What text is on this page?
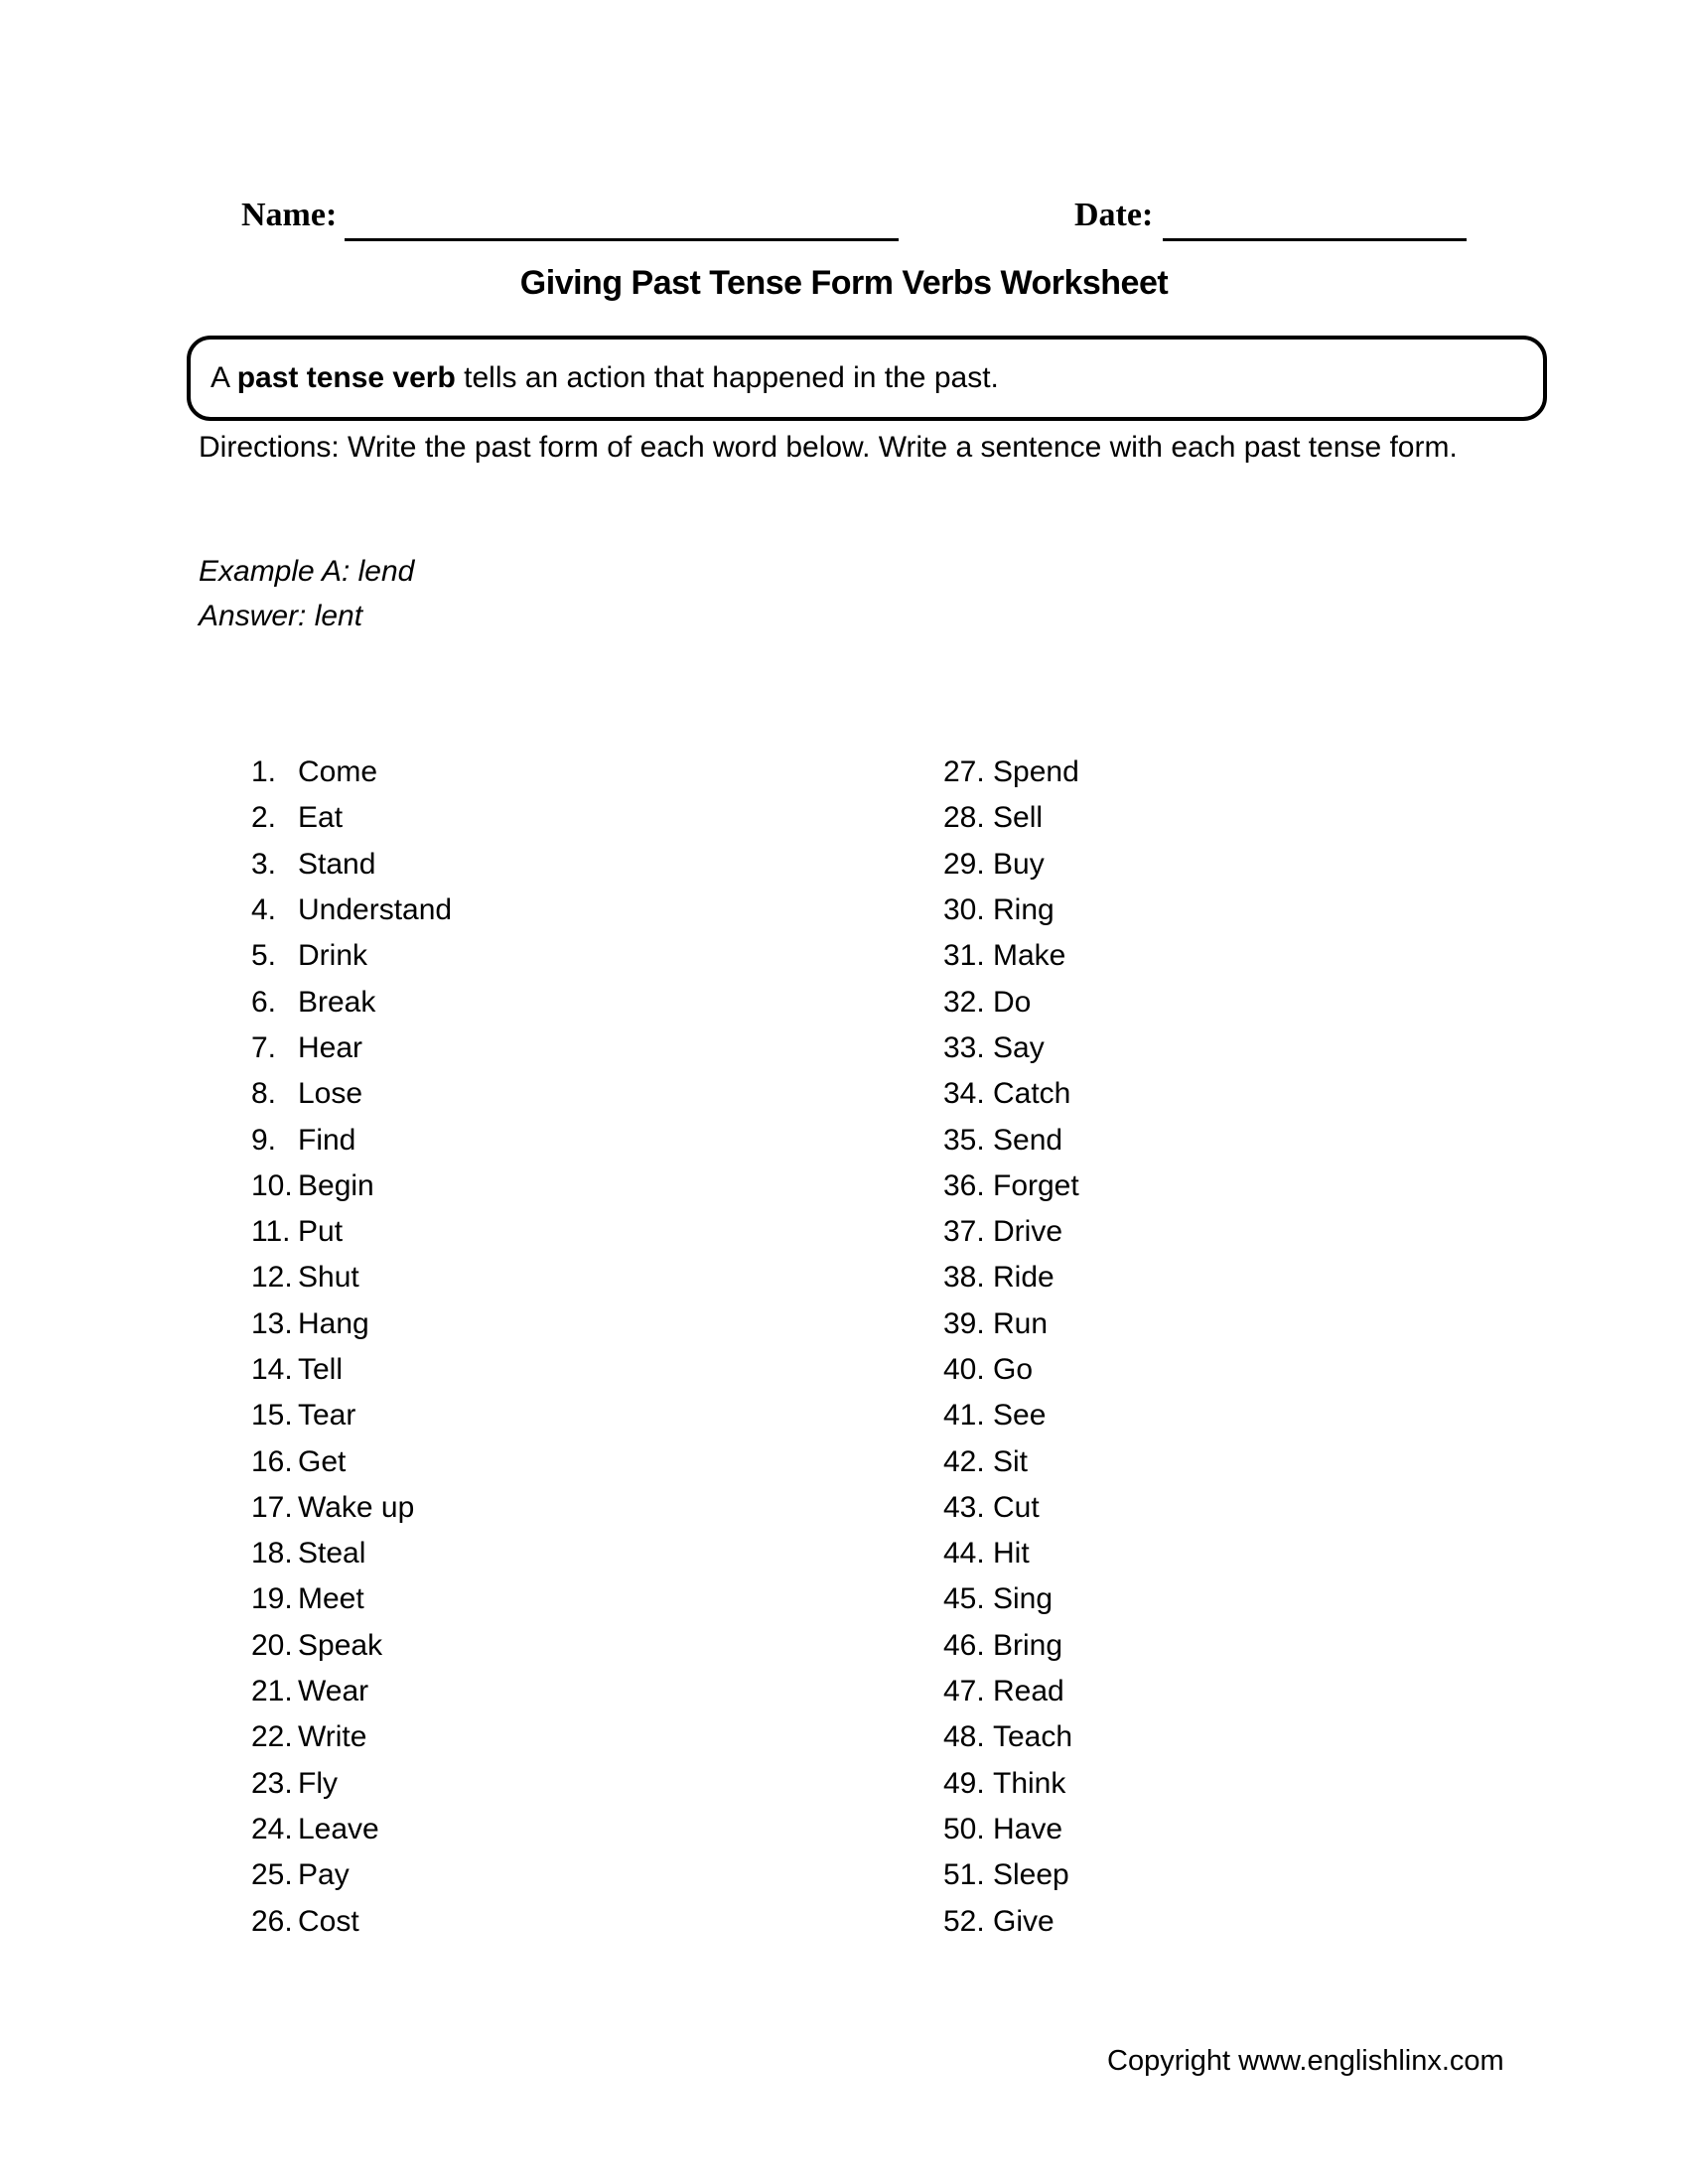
Name:	Date:
Giving Past Tense Form Verbs Worksheet
A past tense verb tells an action that happened in the past.
Directions: Write the past form of each word below. Write a sentence with each past tense form.
Example A: lend
Answer: lent
1. Come
2. Eat
3. Stand
4. Understand
5. Drink
6. Break
7. Hear
8. Lose
9. Find
10. Begin
11. Put
12. Shut
13. Hang
14. Tell
15. Tear
16. Get
17. Wake up
18. Steal
19. Meet
20. Speak
21. Wear
22. Write
23. Fly
24. Leave
25. Pay
26. Cost
27. Spend
28. Sell
29. Buy
30. Ring
31. Make
32. Do
33. Say
34. Catch
35. Send
36. Forget
37. Drive
38. Ride
39. Run
40. Go
41. See
42. Sit
43. Cut
44. Hit
45. Sing
46. Bring
47. Read
48. Teach
49. Think
50. Have
51. Sleep
52. Give
Copyright www.englishlinx.com
